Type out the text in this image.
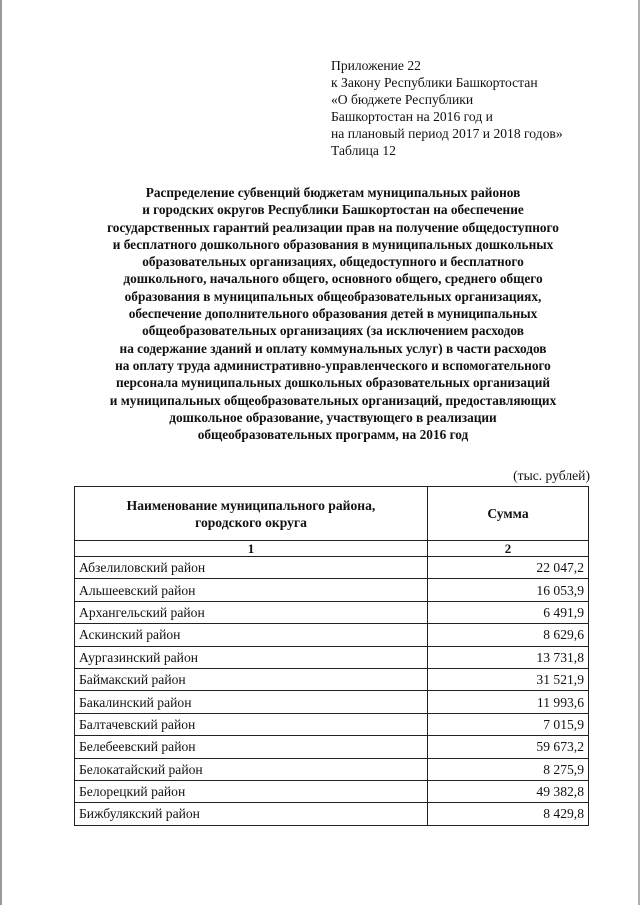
Приложение 22
к Закону Республики Башкортостан
«О бюджете Республики
Башкортостан на 2016 год и
на плановый период 2017 и 2018 годов»
Таблица 12
Распределение субвенций бюджетам муниципальных районов
и городских округов Республики Башкортостан на обеспечение
государственных гарантий реализации прав на получение общедоступного
и бесплатного дошкольного образования в муниципальных дошкольных
образовательных организациях, общедоступного и бесплатного
дошкольного, начального общего, основного общего, среднего общего
образования в муниципальных общеобразовательных организациях,
обеспечение дополнительного образования детей в муниципальных
общеобразовательных организациях (за исключением расходов
на содержание зданий и оплату коммунальных услуг) в части расходов
на оплату труда административно-управленческого и вспомогательного
персонала муниципальных дошкольных образовательных организаций
и муниципальных общеобразовательных организаций, предоставляющих
дошкольное образование, участвующего в реализации
общеобразовательных программ, на 2016 год
(тыс. рублей)
Наименование муниципального района,
городского округа	Сумма
1	2
Абзелиловский район	22 047,2
Альшеевский район	16 053,9
Архангельский район	6 491,9
Аскинский район	8 629,6
Аургазинский район	13 731,8
Баймакский район	31 521,9
Бакалинский район	11 993,6
Балтачевский район	7 015,9
Белебеевский район	59 673,2
Белокатайский район	8 275,9
Белорецкий район	49 382,8
Бижбулякский район	8 429,8
